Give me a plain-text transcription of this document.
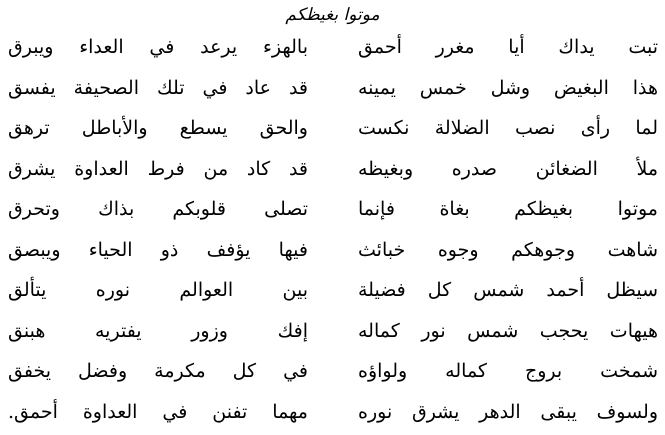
موتوا بغيظكم
تبت يداك أيا مغرر أحمق
بالهزء يرعد في العداء ويبرق
هذا البغيض وشل خمس يمينه
قد عاد في تلك الصحيفة يفسق
لما رأى نصب الضلالة نكست
والحق يسطع والأباطل ترهق
ملأ الضغائن صدره وبغيظه
قد كاد من فرط العداوة يشرق
موتوا بغيظكم بغاة فإنما
تصلى قلوبكم بذاك وتحرق
شاهت وجوهكم وجوه خبائث
فيها يؤفف ذو الحياء ويبصق
سيظل أحمد شمس كل فضيلة
بين العوالم نوره يتألق
هيهات يحجب شمس نور كماله
إفك وزور يفتريه هبنق
شمخت بروج كماله ولواؤه
في كل مكرمة وفضل يخفق
ولسوف يبقى الدهر يشرق نوره
مهما تفنن في العداوة أحمق.
